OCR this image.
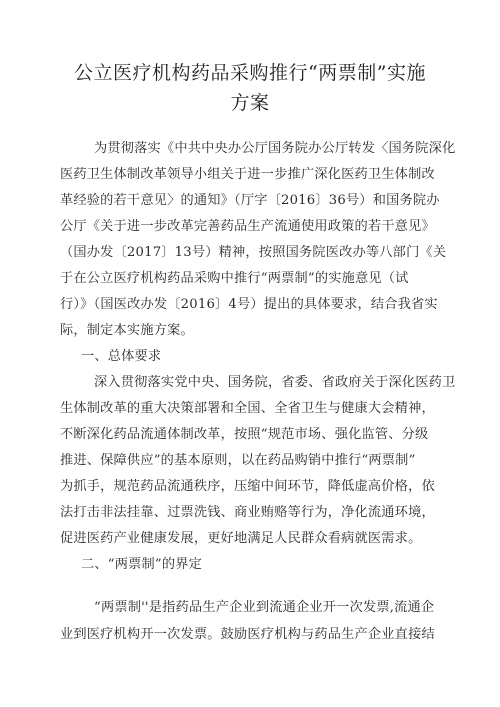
公立医疗机构药品采购推行“两票制”实施
方案
为贯彻落实《中共中央办公厅国务院办公厅转发〈国务院深化
医药卫生体制改革领导小组关于进一步推广深化医药卫生体制改
革经验的若干意见〉的通知》（厅字〔2016〕36号）和国务院办
公厅《关于进一步改革完善药品生产流通使用政策的若干意见》
（国办发〔2017〕13号）精神，按照国务院医改办等八部门《关
于在公立医疗机构药品采购中推行“两票制”的实施意见（试
行）》（国医改办发〔2016〕4号）提出的具体要求，结合我省实
际，制定本实施方案。
一、总体要求
深入贯彻落实党中央、国务院，省委、省政府关于深化医药卫
生体制改革的重大决策部署和全国、全省卫生与健康大会精神，
不断深化药品流通体制改革，按照“规范市场、强化监管、分级
推进、保障供应”的基本原则，以在药品购销中推行“两票制”
为抓手，规范药品流通秩序，压缩中间环节，降低虚高价格，依
法打击非法挂靠、过票洗钱、商业贿赂等行为，净化流通环境，
促进医药产业健康发展，更好地满足人民群众看病就医需求。
二、“两票制”的界定
“两票制''是指药品生产企业到流通企业开一次发票,流通企
业到医疗机构开一次发票。鼓励医疗机构与药品生产企业直接结
